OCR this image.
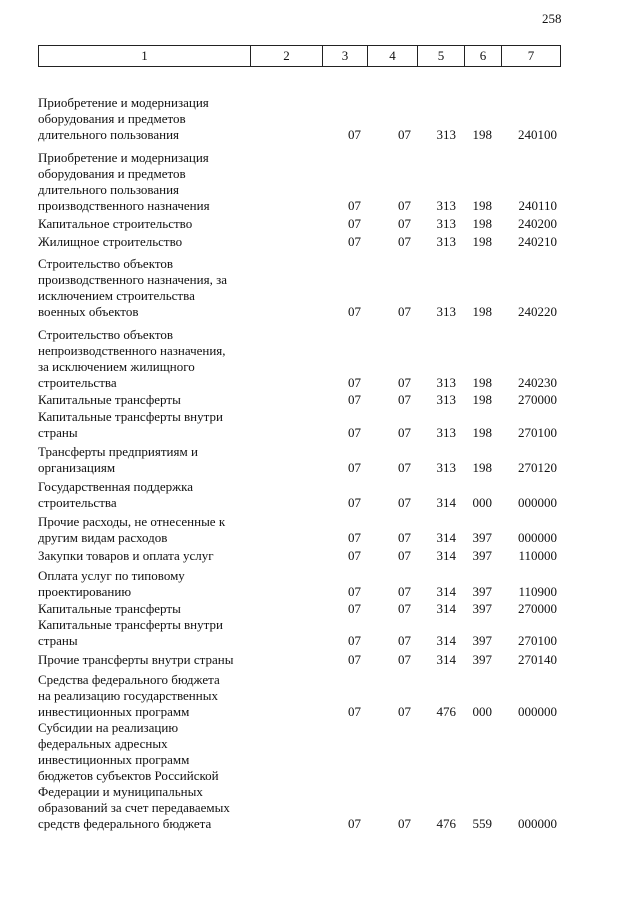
258
1	2	3	4	5	6	7
Приобретение и модернизация
оборудования и предметов
длительного пользования	07	07 313 198 240100
Приобретение и модернизация
оборудования и предметов
длительного пользования
производственного назначения	07	07 313 198 240110
Капитальное строительство	07	07 313 198 240200
Жилищное строительство	07	07 313 198 240210
Строительство объектов
производственного назначения, за
исключением строительства
военных объектов	07	07 313 198 240220
Строительство объектов
непроизводственного назначения,
за исключением жилищного
строительства	07	07 313 198 240230
Капитальные трансферты	07	07 313 198 270000
Капитальные трансферты внутри
страны	07	07 313 198 270100
Трансферты предприятиям и
организациям	07	07 313 198 270120
Государственная поддержка
строительства	07	07 314 000 000000
Прочие расходы, не отнесенные к
другим видам расходов	07	07 314 397 000000
Закупки товаров и оплата услуг	07	07 314 397 110000
Оплата услуг по типовому
проектированию	07	07 314 397 110900
Капитальные трансферты	07	07 314 397 270000
Капитальные трансферты внутри
страны	07	07 314 397 270100
Прочие трансферты внутри страны	07	07 314 397 270140
Средства федерального бюджета
на реализацию государственных
инвестиционных программ	07	07 476 000 000000
Субсидии на реализацию
федеральных адресных
инвестиционных программ
бюджетов субъектов Российской
Федерации и муниципальных
образований за счет передаваемых
средств федерального бюджета	07	07 476 559 000000
